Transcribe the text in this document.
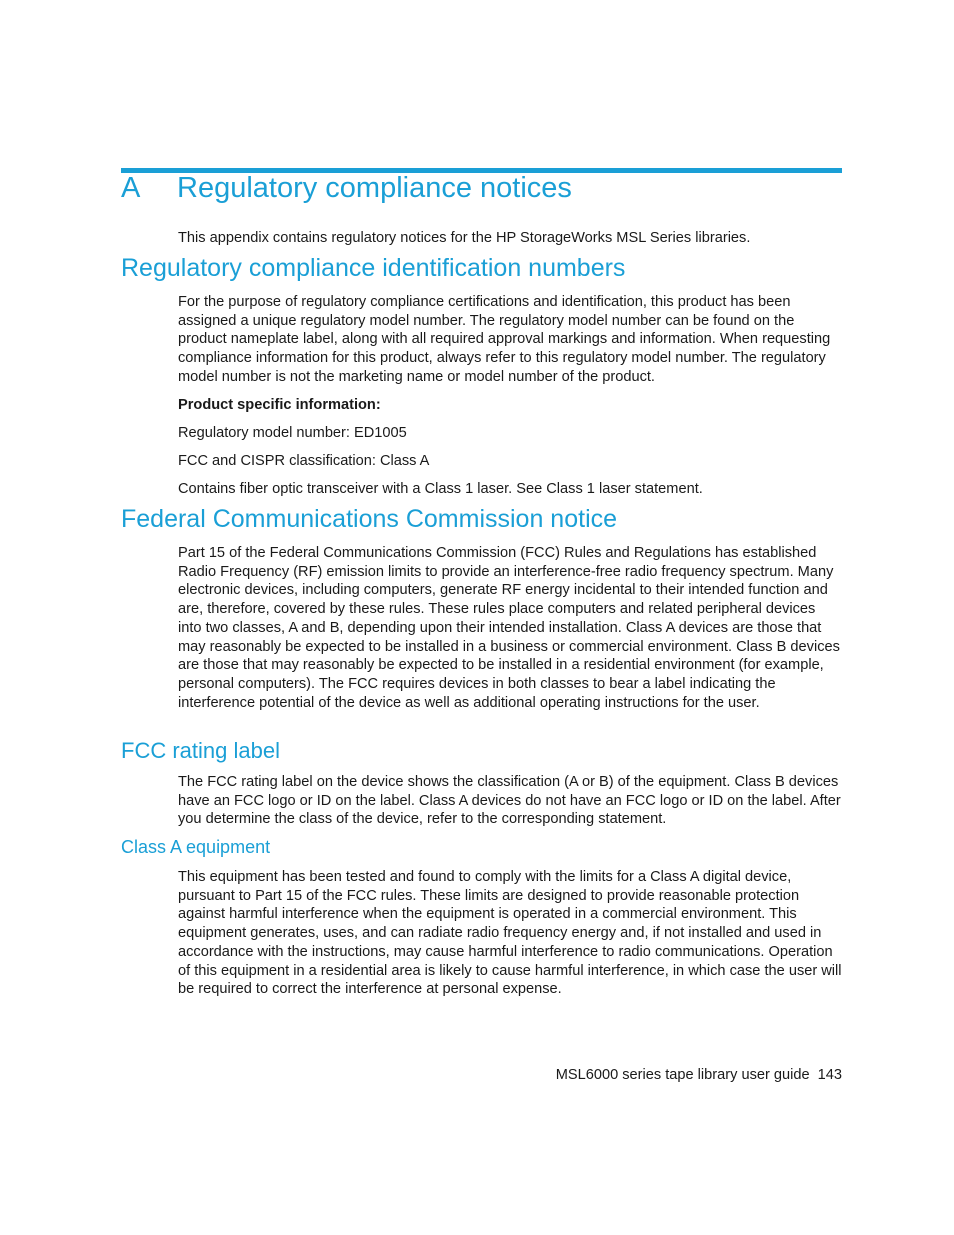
A Regulatory compliance notices

This appendix contains regulatory notices for the HP StorageWorks MSL Series libraries.

Regulatory compliance identification numbers

For the purpose of regulatory compliance certifications and identification, this product has been assigned a unique regulatory model number. The regulatory model number can be found on the product nameplate label, along with all required approval markings and information. When requesting compliance information for this product, always refer to this regulatory model number. The regulatory model number is not the marketing name or model number of the product.

Product specific information:

Regulatory model number: ED1005

FCC and CISPR classification: Class A

Contains fiber optic transceiver with a Class 1 laser. See Class 1 laser statement.

Federal Communications Commission notice

Part 15 of the Federal Communications Commission (FCC) Rules and Regulations has established Radio Frequency (RF) emission limits to provide an interference-free radio frequency spectrum. Many electronic devices, including computers, generate RF energy incidental to their intended function and are, therefore, covered by these rules. These rules place computers and related peripheral devices into two classes, A and B, depending upon their intended installation. Class A devices are those that may reasonably be expected to be installed in a business or commercial environment. Class B devices are those that may reasonably be expected to be installed in a residential environment (for example, personal computers). The FCC requires devices in both classes to bear a label indicating the interference potential of the device as well as additional operating instructions for the user.

FCC rating label

The FCC rating label on the device shows the classification (A or B) of the equipment. Class B devices have an FCC logo or ID on the label. Class A devices do not have an FCC logo or ID on the label. After you determine the class of the device, refer to the corresponding statement.

Class A equipment

This equipment has been tested and found to comply with the limits for a Class A digital device, pursuant to Part 15 of the FCC rules. These limits are designed to provide reasonable protection against harmful interference when the equipment is operated in a commercial environment. This equipment generates, uses, and can radiate radio frequency energy and, if not installed and used in accordance with the instructions, may cause harmful interference to radio communications. Operation of this equipment in a residential area is likely to cause harmful interference, in which case the user will be required to correct the interference at personal expense.

MSL6000 series tape library user guide 143
